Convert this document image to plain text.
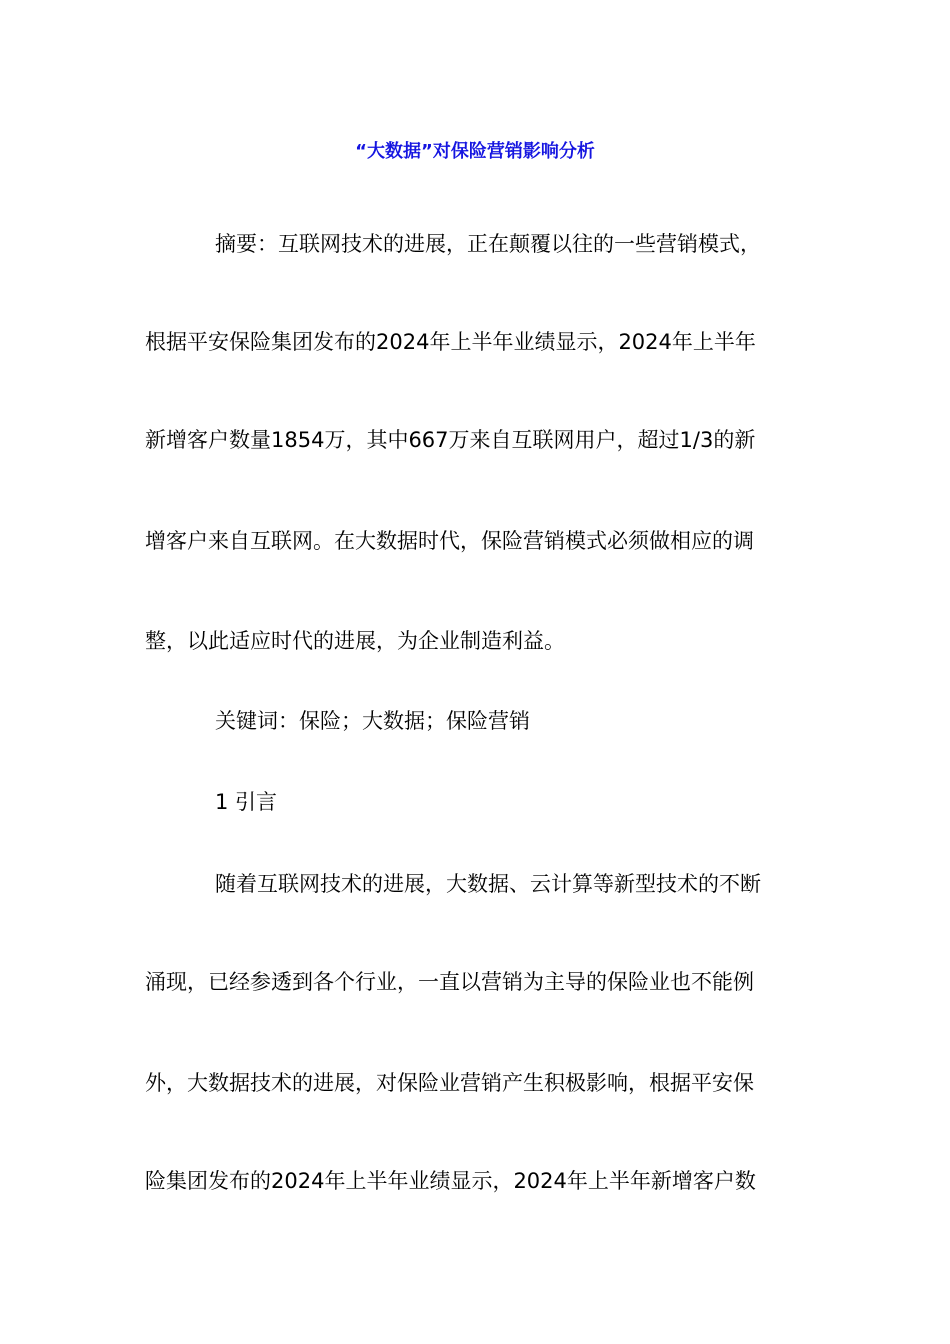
“大数据”对保险营销影响分析
摘要：互联网技术的进展，正在颠覆以往的一些营销模式，
根据平安保险集团发布的2024年上半年业绩显示，2024年上半年
新增客户数量1854万，其中667万来自互联网用户，超过1/3的新
增客户来自互联网。在大数据时代，保险营销模式必须做相应的调
整，以此适应时代的进展，为企业制造利益。
关键词：保险；大数据；保险营销
1 引言
随着互联网技术的进展，大数据、云计算等新型技术的不断
涌现，已经参透到各个行业，一直以营销为主导的保险业也不能例
外，大数据技术的进展，对保险业营销产生积极影响，根据平安保
险集团发布的2024年上半年业绩显示，2024年上半年新增客户数
